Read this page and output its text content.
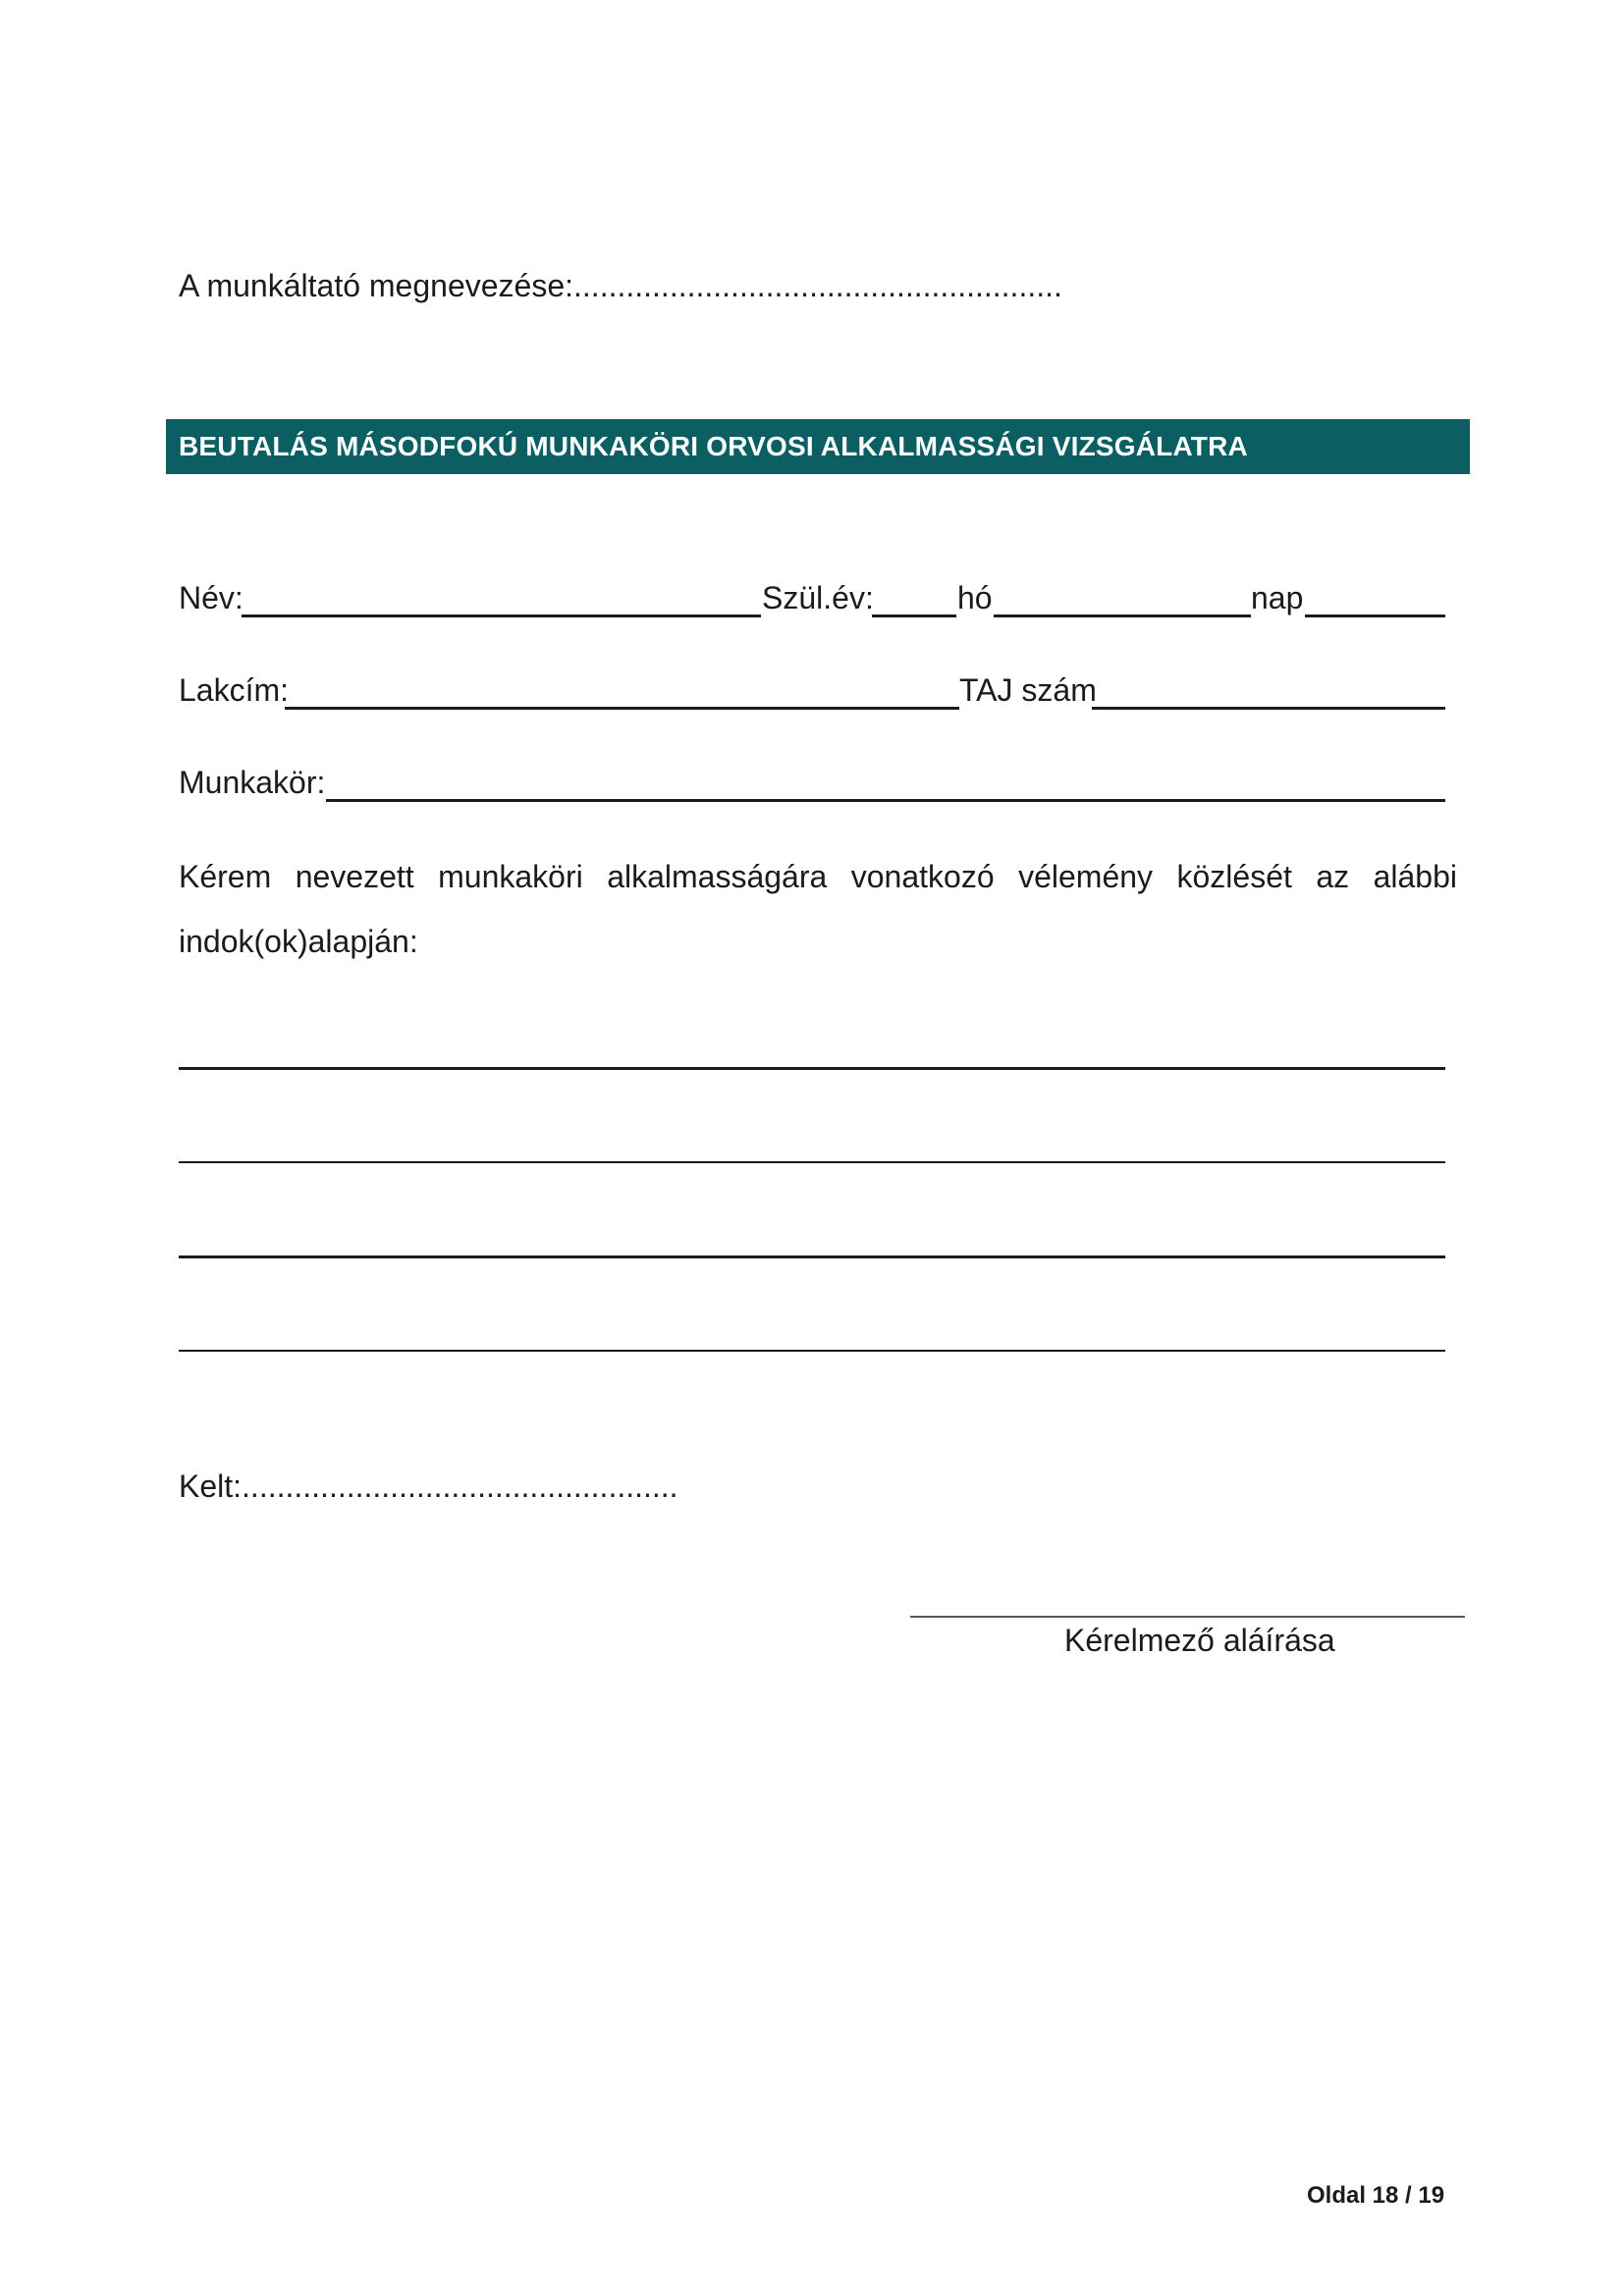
A munkáltató megnevezése:........................................................
BEUTALÁS MÁSODFOKÚ MUNKAKÖRI ORVOSI ALKALMASSÁGI VIZSGÁLATRA
Név:	Szül.év:	hó	nap
Lakcím:	TAJ szám
Munkakör:
Kérem nevezett munkaköri alkalmasságára vonatkozó vélemény közlését az alábbi
indok(ok)alapján:
Kelt:..................................................
Kérelmező aláírása
Oldal 18 / 19
